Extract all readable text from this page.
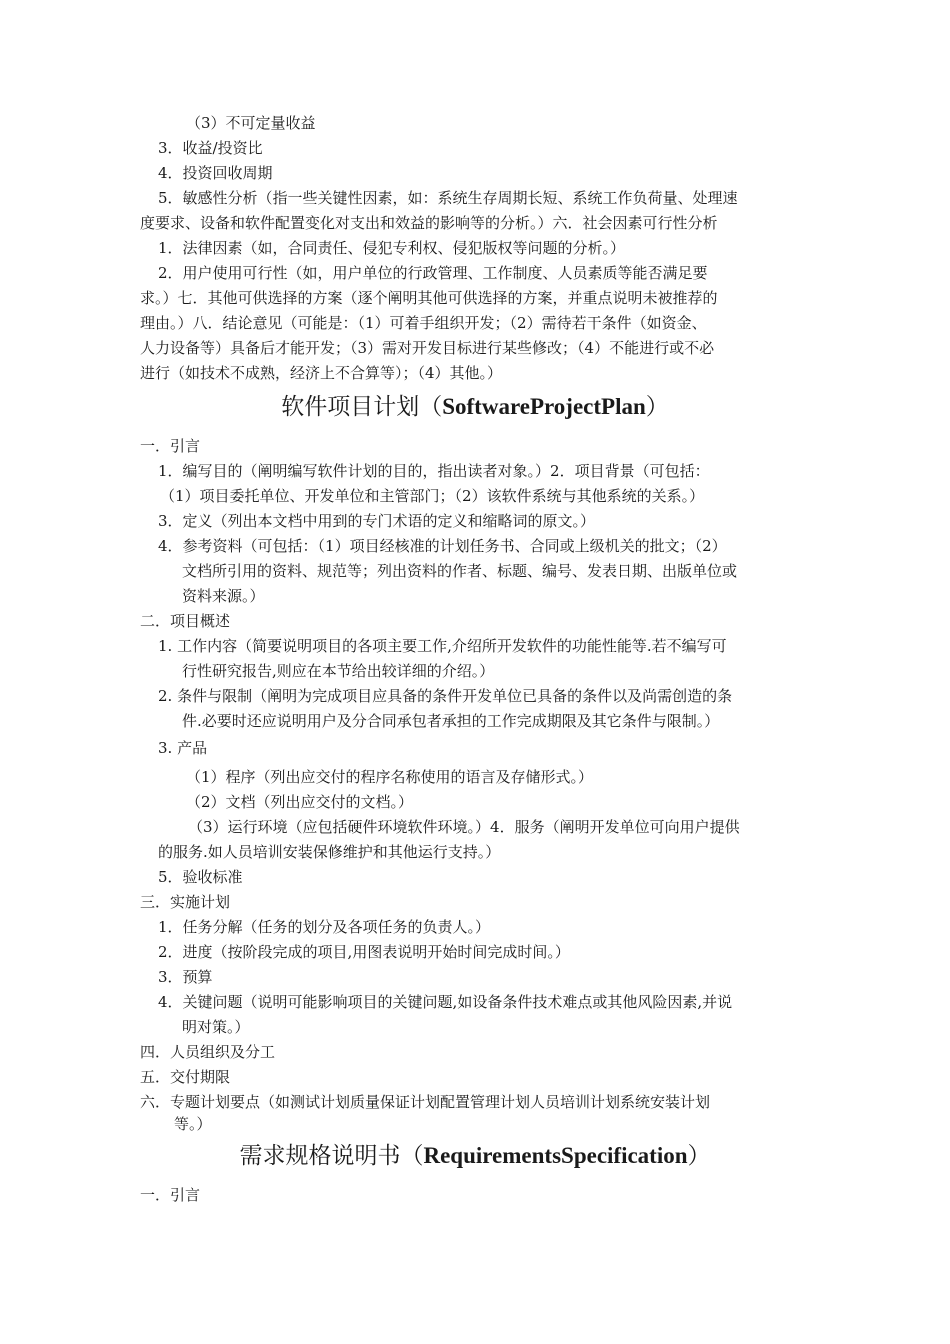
（3）不可定量收益
3．收益/投资比
4．投资回收周期
5．敏感性分析（指一些关键性因素，如：系统生存周期长短、系统工作负荷量、处理速
度要求、设备和软件配置变化对支出和效益的影响等的分析。）六．社会因素可行性分析
1．法律因素（如，合同责任、侵犯专利权、侵犯版权等问题的分析。）
2．用户使用可行性（如，用户单位的行政管理、工作制度、人员素质等能否满足要
求。）七．其他可供选择的方案（逐个阐明其他可供选择的方案，并重点说明未被推荐的
理由。）八．结论意见（可能是：（1）可着手组织开发；（2）需待若干条件（如资金、
人力设备等）具备后才能开发；（3）需对开发目标进行某些修改；（4）不能进行或不必
进行（如技术不成熟，经济上不合算等）；（4）其他。）
软件项目计划（SoftwareProjectPlan）
一．引言
1．编写目的（阐明编写软件计划的目的，指出读者对象。）2．项目背景（可包括：
（1）项目委托单位、开发单位和主管部门；（2）该软件系统与其他系统的关系。）
3．定义（列出本文档中用到的专门术语的定义和缩略词的原文。）
4．参考资料（可包括：（1）项目经核准的计划任务书、合同或上级机关的批文；（2）
文档所引用的资料、规范等；列出资料的作者、标题、编号、发表日期、出版单位或
资料来源。）
二．项目概述
1. 工作内容（简要说明项目的各项主要工作,介绍所开发软件的功能性能等.若不编写可
行性研究报告,则应在本节给出较详细的介绍。）
2. 条件与限制（阐明为完成项目应具备的条件开发单位已具备的条件以及尚需创造的条
件.必要时还应说明用户及分合同承包者承担的工作完成期限及其它条件与限制。）
3. 产品
（1）程序（列出应交付的程序名称使用的语言及存储形式。）
（2）文档（列出应交付的文档。）
（3）运行环境（应包括硬件环境软件环境。）4．服务（阐明开发单位可向用户提供
的服务.如人员培训安装保修维护和其他运行支持。）
5．验收标准
三．实施计划
1．任务分解（任务的划分及各项任务的负责人。）
2．进度（按阶段完成的项目,用图表说明开始时间完成时间。）
3．预算
4．关键问题（说明可能影响项目的关键问题,如设备条件技术难点或其他风险因素,并说
明对策。）
四．人员组织及分工
五．交付期限
六．专题计划要点（如测试计划质量保证计划配置管理计划人员培训计划系统安装计划
等。）
需求规格说明书（RequirementsSpecification）
一．引言
